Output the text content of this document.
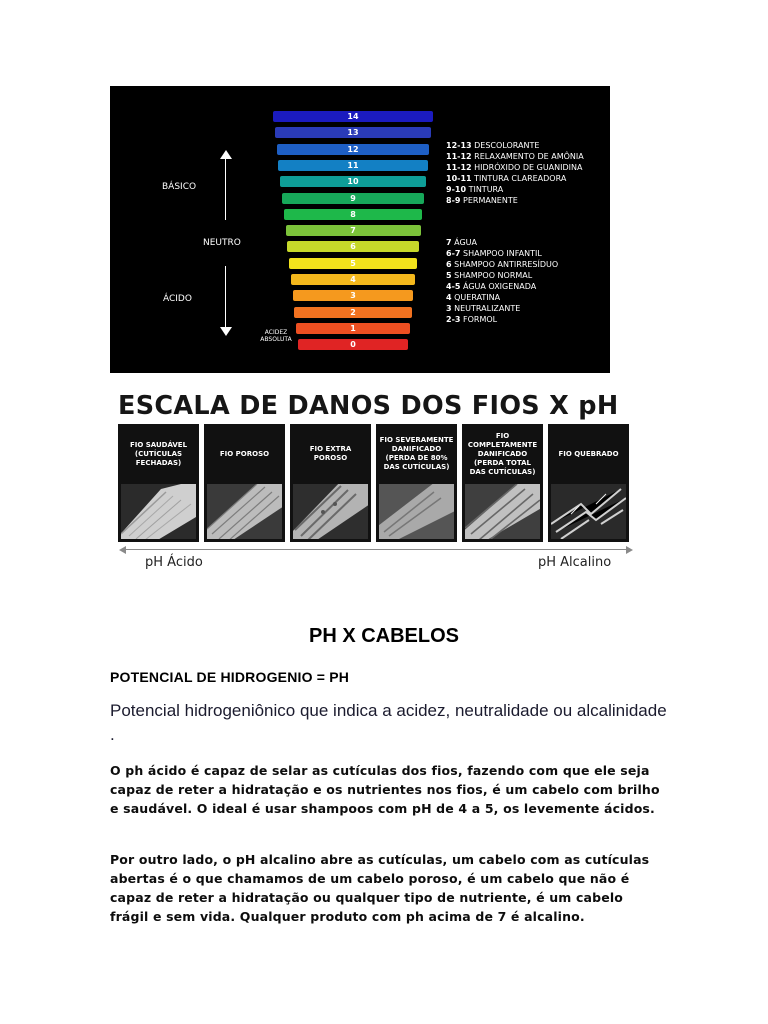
14
13
12
11
10
9
8
7
6
5
4
3
2
1
0
BÁSICO
NEUTRO
ÁCIDO
ACIDEZ ABSOLUTA
12-13 DESCOLORANTE
11-12 RELAXAMENTO DE AMÔNIA
11-12 HIDRÓXIDO DE GUANIDINA
10-11 TINTURA CLAREADORA
9-10 TINTURA
8-9 PERMANENTE
7 ÁGUA
6-7 SHAMPOO INFANTIL
6 SHAMPOO ANTIRRESÍDUO
5 SHAMPOO NORMAL
4-5 ÁGUA OXIGENADA
4 QUERATINA
3 NEUTRALIZANTE
2-3 FORMOL
ESCALA DE DANOS DOS FIOS X pH
FIO SAUDÁVEL (CUTÍCULAS FECHADAS)
FIO POROSO
FIO EXTRA POROSO
FIO SEVERAMENTE DANIFICADO (PERDA DE 80% DAS CUTÍCULAS)
FIO COMPLETAMENTE DANIFICADO (PERDA TOTAL DAS CUTÍCULAS)
FIO QUEBRADO
pH Ácido	pH Alcalino
PH X CABELOS
POTENCIAL DE HIDROGENIO = PH
Potencial hidrogeniônico que indica a acidez, neutralidade ou alcalinidade .
O ph ácido é capaz de selar as cutículas dos fios, fazendo com que ele seja capaz de reter a hidratação e os nutrientes nos fios, é um cabelo com brilho e saudável. O ideal é usar shampoos com pH de 4 a 5, os levemente ácidos.
Por outro lado, o pH alcalino abre as cutículas, um cabelo com as cutículas abertas é o que chamamos de um cabelo poroso, é um cabelo que não é capaz de reter a hidratação ou qualquer tipo de nutriente, é um cabelo frágil e sem vida. Qualquer produto com ph acima de 7 é alcalino.
